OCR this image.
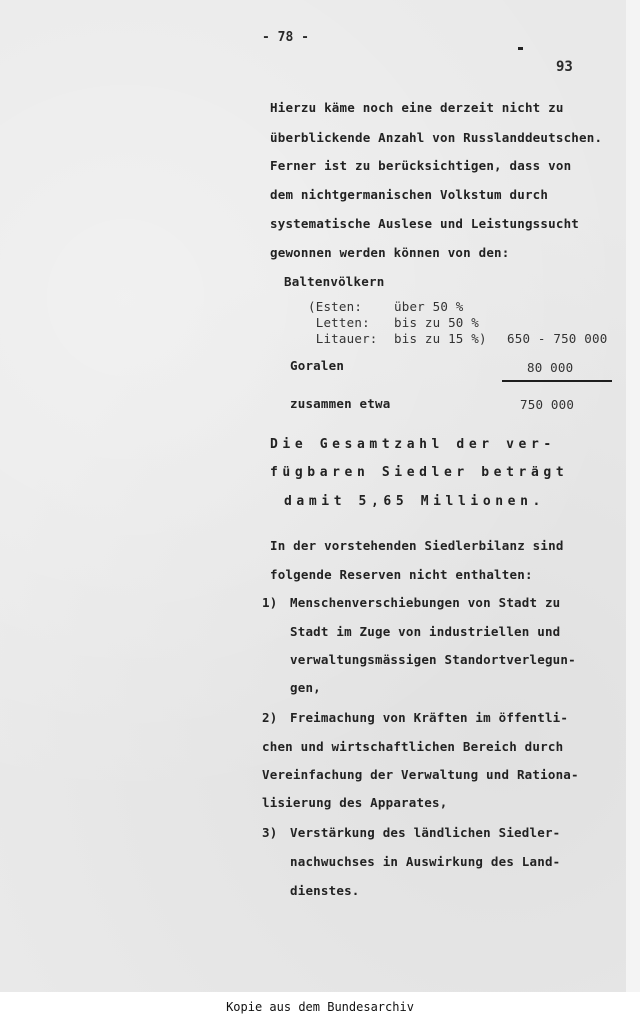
- 78 -
93
Hierzu käme noch eine derzeit nicht zu
überblickende Anzahl von Russlanddeutschen.
Ferner ist zu berücksichtigen, dass von
dem nichtgermanischen Volkstum durch
systematische Auslese und Leistungssucht
gewonnen werden können von den:
Baltenvölkern
(Esten:	über 50 %
Letten: bis zu 50 %
Litauer: bis zu 15 %) 650 - 750 000
Goralen	80 000
zusammen etwa	750 000
Die Gesamtzahl der ver-
fügbaren Siedler beträgt
damit 5,65 Millionen.
In der vorstehenden Siedlerbilanz sind
folgende Reserven nicht enthalten:
1) Menschenverschiebungen von Stadt zu
Stadt im Zuge von industriellen und
verwaltungsmässigen Standortverlegun-
gen,
2) Freimachung von Kräften im öffentli-
chen und wirtschaftlichen Bereich durch
Vereinfachung der Verwaltung und Rationa-
lisierung des Apparates,
3) Verstärkung des ländlichen Siedler-
nachwuchses in Auswirkung des Land-
dienstes.
Kopie aus dem Bundesarchiv
